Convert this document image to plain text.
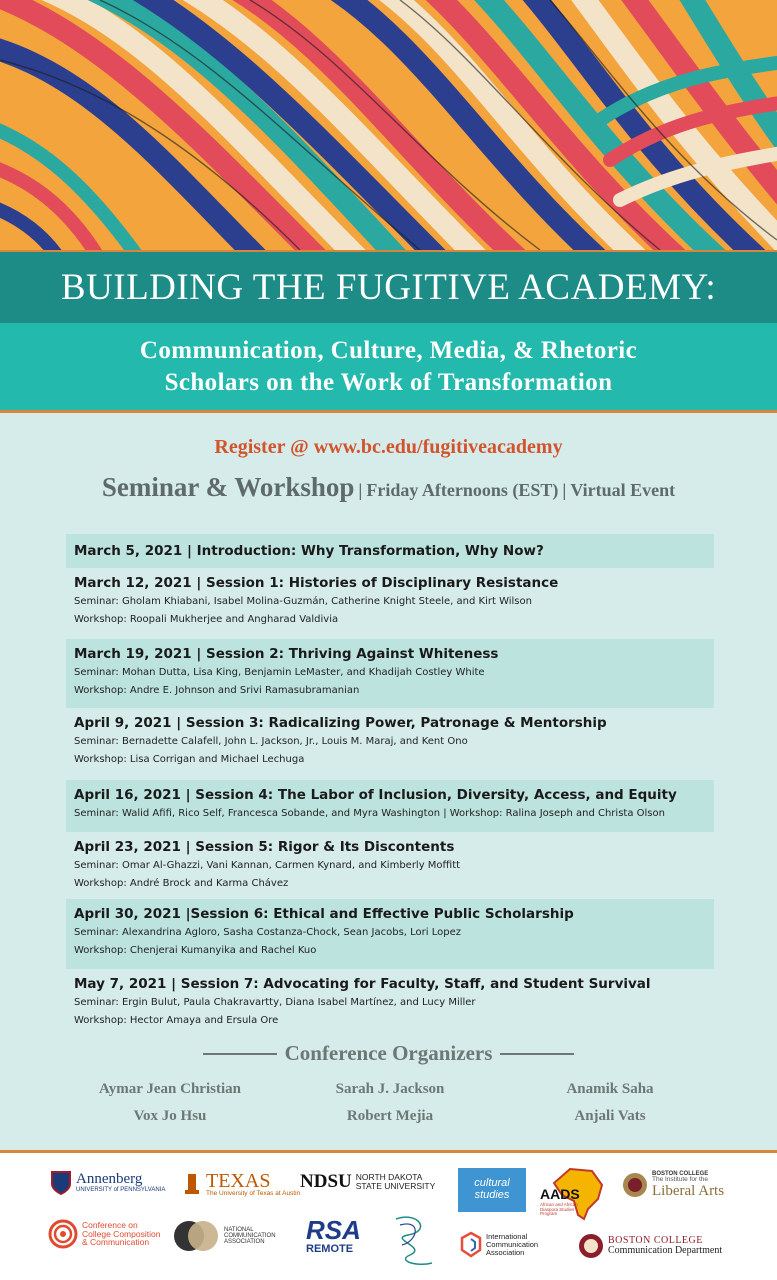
BUILDING THE FUGITIVE ACADEMY:
Communication, Culture, Media, & Rhetoric
Scholars on the Work of Transformation
Register @ www.bc.edu/fugitiveacademy
Seminar & Workshop | Friday Afternoons (EST) | Virtual Event
March 5, 2021 | Introduction: Why Transformation, Why Now?
March 12, 2021 | Session 1: Histories of Disciplinary Resistance
Seminar: Gholam Khiabani, Isabel Molina-Guzmán, Catherine Knight Steele, and Kirt Wilson
Workshop: Roopali Mukherjee and Angharad Valdivia
March 19, 2021 | Session 2: Thriving Against Whiteness
Seminar: Mohan Dutta, Lisa King, Benjamin LeMaster, and Khadijah Costley White
Workshop: Andre E. Johnson and Srivi Ramasubramanian
April 9, 2021 | Session 3: Radicalizing Power, Patronage & Mentorship
Seminar: Bernadette Calafell, John L. Jackson, Jr., Louis M. Maraj, and Kent Ono
Workshop: Lisa Corrigan and Michael Lechuga
April 16, 2021 | Session 4: The Labor of Inclusion, Diversity, Access, and Equity
Seminar: Walid Afifi, Rico Self, Francesca Sobande, and Myra Washington | Workshop: Ralina Joseph and Christa Olson
April 23, 2021 | Session 5: Rigor & Its Discontents
Seminar: Omar Al-Ghazzi, Vani Kannan, Carmen Kynard, and Kimberly Moffitt
Workshop: André Brock and Karma Chávez
April 30, 2021 |Session 6: Ethical and Effective Public Scholarship
Seminar: Alexandrina Agloro, Sasha Costanza-Chock, Sean Jacobs, Lori Lopez
Workshop: Chenjerai Kumanyika and Rachel Kuo
May 7, 2021 | Session 7: Advocating for Faculty, Staff, and Student Survival
Seminar: Ergin Bulut, Paula Chakravartty, Diana Isabel Martínez, and Lucy Miller
Workshop: Hector Amaya and Ersula Ore
Conference Organizers
Aymar Jean Christian	Sarah J. Jackson	Anamik Saha
Vox Jo Hsu	Robert Mejia	Anjali Vats
Annenberg
UNIVERSITY of PENNSYLVANIA TEXAS
The University of Texas at Austin
NDSU NORTH DAKOTA
STATE UNIVERSITY	cultural studies	AADS
African and African Diaspora Studies Program
BOSTON COLLEGE
The Institute for the
Liberal Arts
Conference on
College Composition
& Communication
NATIONAL
COMMUNICATION
ASSOCIATION	RSA
REMOTE
International
Communication
Association
BOSTON COLLEGE
Communication Department
